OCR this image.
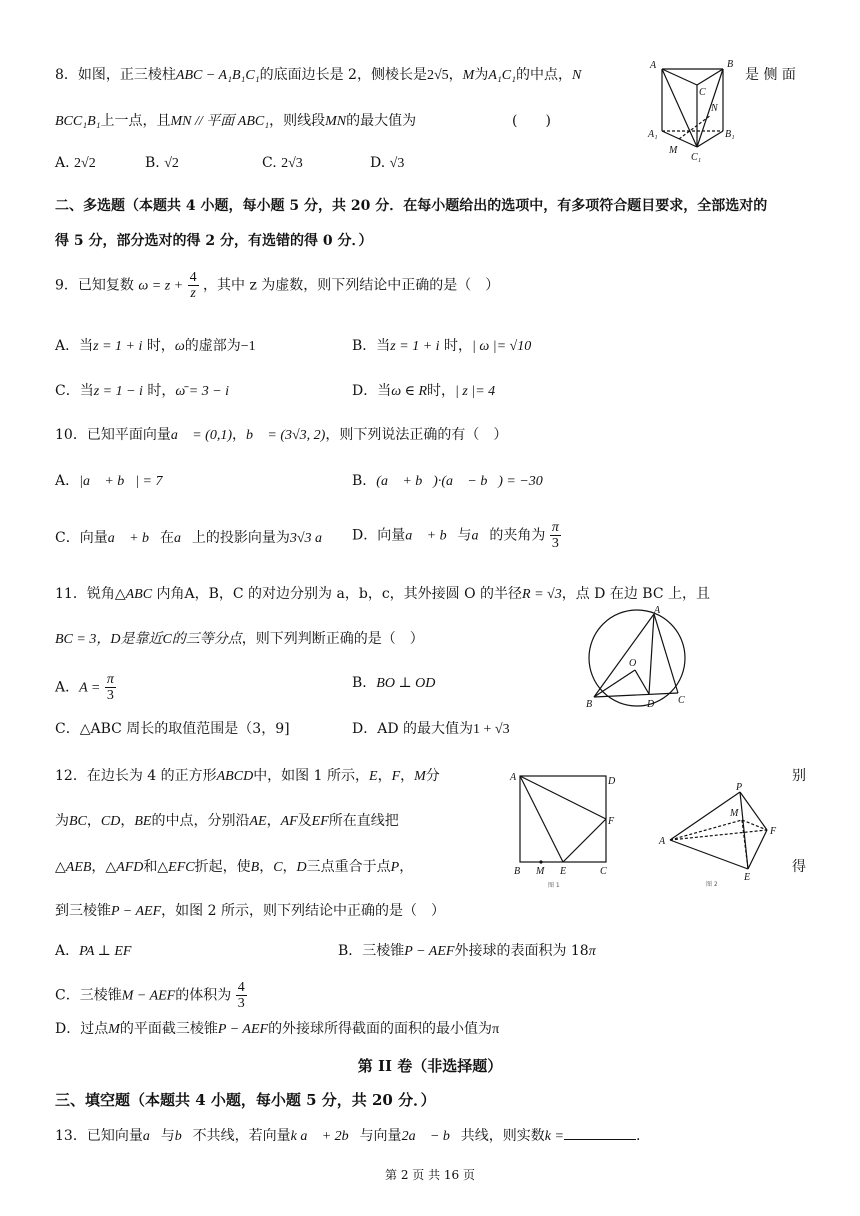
8．如图，正三棱柱ABC − A₁B₁C₁的底面边长是 2，侧棱长是2√5，M为A₁C₁的中点，N	是 侧 面
BCC₁B₁上一点，且MN // 平面 ABC₁，则线段MN的最大值为	(　　)
A. 2√2	B. √2	C. 2√3	D. √3
A	B
C
N
A₁	B₁
C₁
M
二、多选题（本题共 4 小题，每小题 5 分，共 20 分．在每小题给出的选项中，有多项符合题目要求，全部选对的
得 5 分，部分选对的得 2 分，有选错的得 0 分．）
9．已知复数 $\omega = z + \frac{4}{z}$ ，其中 z 为虚数，则下列结论中正确的是（　）
A．当z = 1 + i 时，ω的虚部为−1	B．当z = 1 + i 时，| ω |= √10
C．当z = 1 − i 时，ω̄ = 3 − i	D．当ω ∈ R时，| z |= 4
10．已知平面向量a⃗ = (0,1)，b⃗ = (3√3, 2)，则下列说法正确的有（　）
A．|a⃗ + b⃗| = 7	B．(a⃗ + b⃗)·(a⃗ − b⃗) = −30
C．向量a⃗ + b⃗在a⃗上的投影向量为3√3 a⃗ D．向量a⃗ + b⃗与a⃗的夹角为 $\frac{\pi}{3}$
11．锐角△ABC 内角A，B，C 的对边分别为 a，b，c，其外接圆 O 的半径R = √3，点 D 在边 BC 上，且
BC = 3，D是靠近C的三等分点，则下列判断正确的是（　）
A．$A = \frac{\pi}{3}$	B．BO ⊥ OD
C．△ABC 周长的取值范围是（3，9]	D．AD 的最大值为1 + √3
A
O
B	D C
12．在边长为 4 的正方形ABCD中，如图 1 所示，E，F，M分	别
为BC，CD，BE的中点，分别沿AE，AF及EF所在直线把
△AEB，△AFD和△EFC折起，使B，C，D三点重合于点P，	得
到三棱锥P − AEF，如图 2 所示，则下列结论中正确的是（　）
A．PA ⊥ EF	B．三棱锥P − AEF外接球的表面积为 18π
C．三棱锥M − AEF的体积为 $\frac{4}{3}$
D．过点M的平面截三棱锥P − AEF的外接球所得截面的面积的最小值为π
A	D
F
B M E	C
图 1
P
M
A
F
E
图 2
第 II 卷（非选择题）
三、填空题（本题共 4 小题，每小题 5 分，共 20 分．）
13．已知向量a⃗与b⃗不共线，若向量k a⃗ + 2b⃗与向量2a⃗ − b⃗共线，则实数k =	.
第 2 页 共 16 页
